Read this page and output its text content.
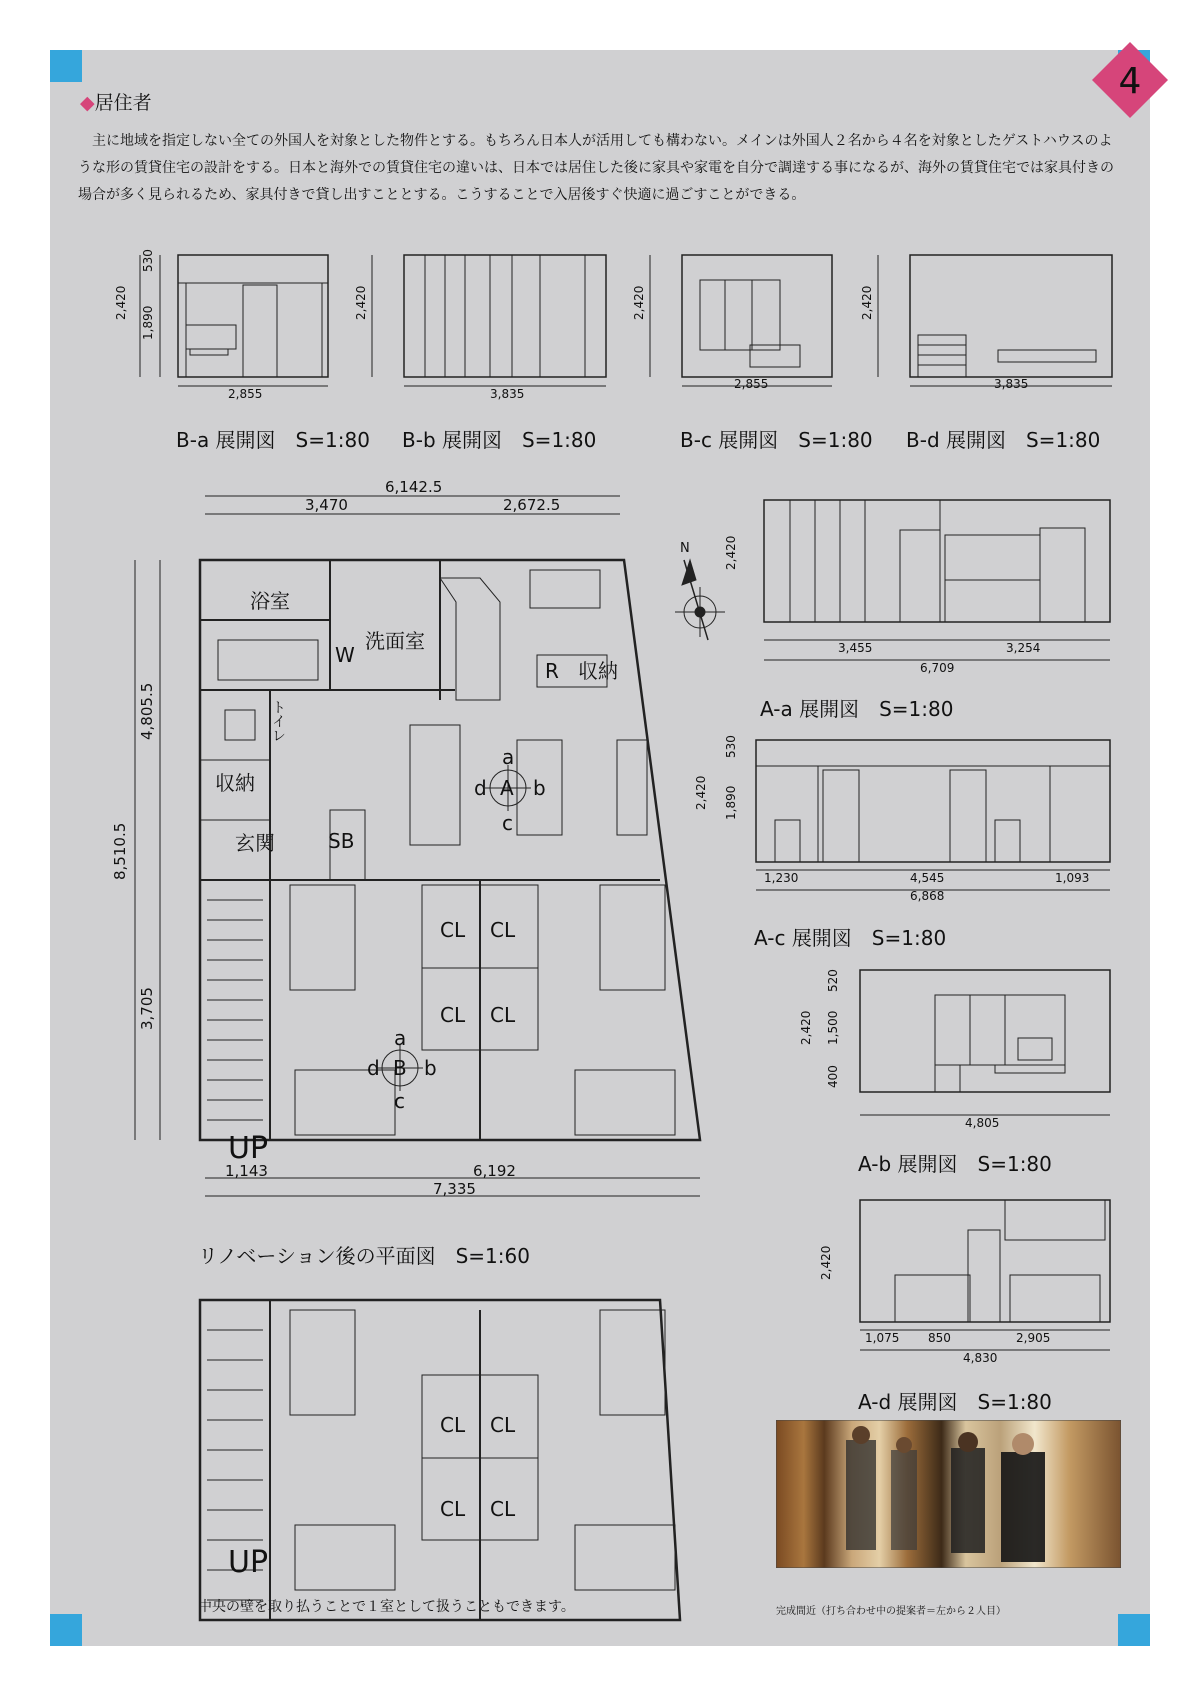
4
◆居住者
主に地域を指定しない全ての外国人を対象とした物件とする。もちろん日本人が活用しても構わない。メインは外国人２名から４名を対象としたゲストハウスのような形の賃貸住宅の設計をする。日本と海外での賃貸住宅の違いは、日本では居住した後に家具や家電を自分で調達する事になるが、海外の賃貸住宅では家具付きの場合が多く見られるため、家具付きで貸し出すこととする。こうすることで入居後すぐ快適に過ごすことができる。
B-a 展開図　S=1:80 B-b 展開図　S=1:80	B-c 展開図　S=1:80 B-d 展開図　S=1:80
A-a 展開図　S=1:80
A-c 展開図　S=1:80
A-b 展開図　S=1:80
A-d 展開図　S=1:80
リノベーション後の平面図　S=1:60
中央の壁を取り払うことで１室として扱うこともできます。	完成間近（打ち合わせ中の提案者＝左から２人目）
2,420
530
1,890
2,855
2,420
3,835
2,420
2,855
2,420
3,835
2,420
3,455	3,254
6,709
2,420
530
1,890
1,230	4,545	1,093
6,868
2,420
520
1,500
400
4,805
2,420
1,075 850	2,905
4,830
6,142.5
3,470	2,672.5
8,510.5
4,805.5
3,705
1,143	6,192
7,335
浴室
洗面室
W
R 収納
トイレ
収納
玄関	SB
UP
CL CL
CL CL
A
a
b
c
d
B
a
b
c
d
CL CL
CL CL
UP
N
